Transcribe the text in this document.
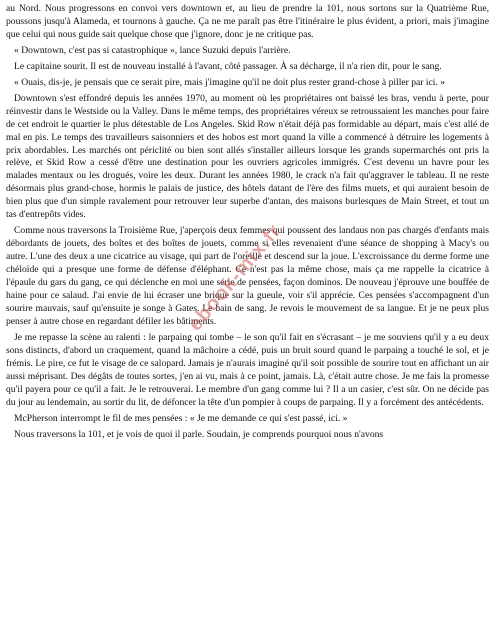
au Nord. Nous progressons en convoi vers downtown et, au lieu de prendre la 101, nous sortons sur la Quatrième Rue, poussons jusqu'à Alameda, et tournons à gauche. Ça ne me paraît pas être l'itinéraire le plus évident, a priori, mais j'imagine que celui qui nous guide sait quelque chose que j'ignore, donc je ne critique pas.

« Downtown, c'est pas si catastrophique », lance Suzuki depuis l'arrière.

Le capitaine sourit. Il est de nouveau installé à l'avant, côté passager. À sa décharge, il n'a rien dit, pour le sang.

« Ouais, dis-je, je pensais que ce serait pire, mais j'imagine qu'il ne doit plus rester grand-chose à piller par ici. »

Downtown s'est effondré depuis les années 1970, au moment où les propriétaires ont baissé les bras, vendu à perte, pour réinvestir dans le Westside ou la Valley. Dans le même temps, des propriétaires véreux se retroussaient les manches pour faire de cet endroit le quartier le plus détestable de Los Angeles. Skid Row n'était déjà pas formidable au départ, mais c'est allé de mal en pis. Le temps des travailleurs saisonniers et des hobos est mort quand la ville a commencé à détruire les logements à prix abordables. Les marchés ont périclité ou bien sont allés s'installer ailleurs lorsque les grands supermarchés ont pris la relève, et Skid Row a cessé d'être une destination pour les ouvriers agricoles immigrés. C'est devenu un havre pour les malades mentaux ou les drogués, voire les deux. Durant les années 1980, le crack n'a fait qu'aggraver le tableau. Il ne reste désormais plus grand-chose, hormis le palais de justice, des hôtels datant de l'ère des films muets, et qui auraient besoin de bien plus que d'un simple ravalement pour retrouver leur superbe d'antan, des maisons burlesques de Main Street, et tout un tas d'entrepôts vides.

Comme nous traversons la Troisième Rue, j'aperçois deux femmes qui poussent des landaus non pas chargés d'enfants mais débordants de jouets, des boîtes et des boîtes de jouets, comme si elles revenaient d'une séance de shopping à Macy's ou autre. L'une des deux a une cicatrice au visage, qui part de l'oreille et descend sur la joue. L'excroissance du derme forme une chéloïde qui a presque une forme de défense d'éléphant. Ce n'est pas la même chose, mais ça me rappelle la cicatrice à l'épaule du gars du gang, ce qui déclenche en moi une série de pensées, façon dominos. De nouveau j'éprouve une bouffée de haine pour ce salaud. J'ai envie de lui écraser une brique sur la gueule, voir s'il apprécie. Ces pensées s'accompagnent d'un sourire mauvais, sauf qu'ensuite je songe à Gates. Le bain de sang. Je revois le mouvement de sa langue. Et je ne peux plus penser à autre chose en regardant défiler les bâtiments.

Je me repasse la scène au ralenti : le parpaing qui tombe – le son qu'il fait en s'écrasant – je me souviens qu'il y a eu deux sons distincts, d'abord un craquement, quand la mâchoire a cédé, puis un bruit sourd quand le parpaing a touché le sol, et je frémis. Le pire, ce fut le visage de ce salopard. Jamais je n'aurais imaginé qu'il soit possible de sourire tout en affichant un air aussi méprisant. Des dégâts de toutes sortes, j'en ai vu, mais à ce point, jamais. Là, c'était autre chose. Je me fais la promesse qu'il payera pour ce qu'il a fait. Je le retrouverai. Le membre d'un gang comme lui ? Il a un casier, c'est sûr. On ne décide pas du jour au lendemain, au sortir du lit, de défoncer la tête d'un pompier à coups de parpaing. Il y a forcément des antécédents.

McPherson interrompt le fil de mes pensées : « Je me demande ce qui s'est passé, ici. »

Nous traversons la 101, et je vois de quoi il parle. Soudain, je comprends pourquoi nous n'avons

ebook-mix.fr
